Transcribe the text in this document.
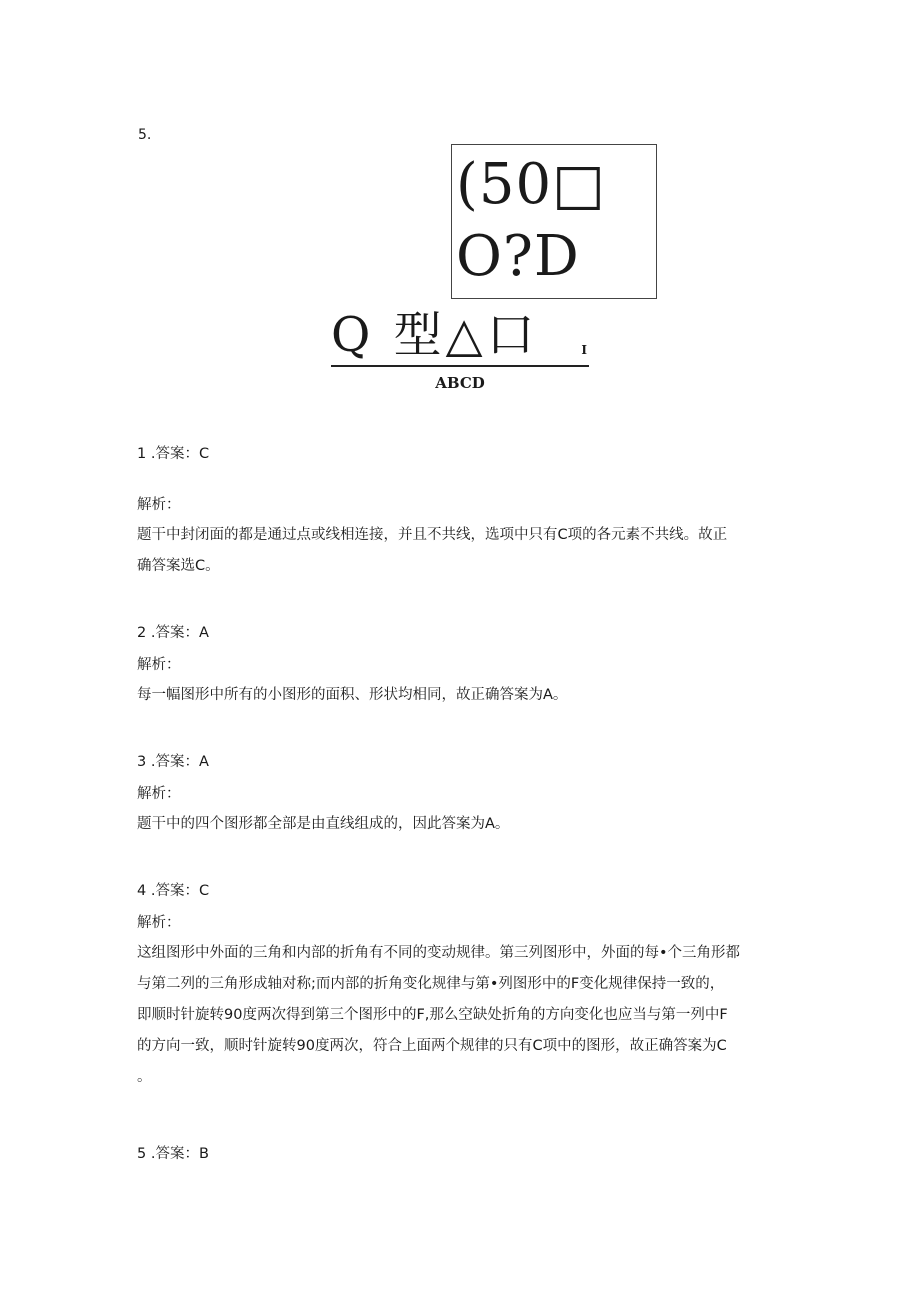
5.
(50□
O?D
Q 型△口	I
ABCD
1 .答案：C
解析：
题干中封闭面的都是通过点或线相连接，并且不共线，选项中只有C项的各元素不共线。故正
确答案选C。
2 .答案：A
解析：
每一幅图形中所有的小图形的面积、形状均相同，故正确答案为A。
3 .答案：A
解析：
题干中的四个图形都全部是由直线组成的，因此答案为A。
4 .答案：C
解析：
这组图形中外面的三角和内部的折角有不同的变动规律。第三列图形中，外面的每•个三角形都
与第二列的三角形成轴对称;而内部的折角变化规律与第•列图形中的F变化规律保持一致的，
即顺时针旋转90度两次得到第三个图形中的F,那么空缺处折角的方向变化也应当与第一列中F
的方向一致，顺时针旋转90度两次，符合上面两个规律的只有C项中的图形，故正确答案为C
。
5 .答案：B
